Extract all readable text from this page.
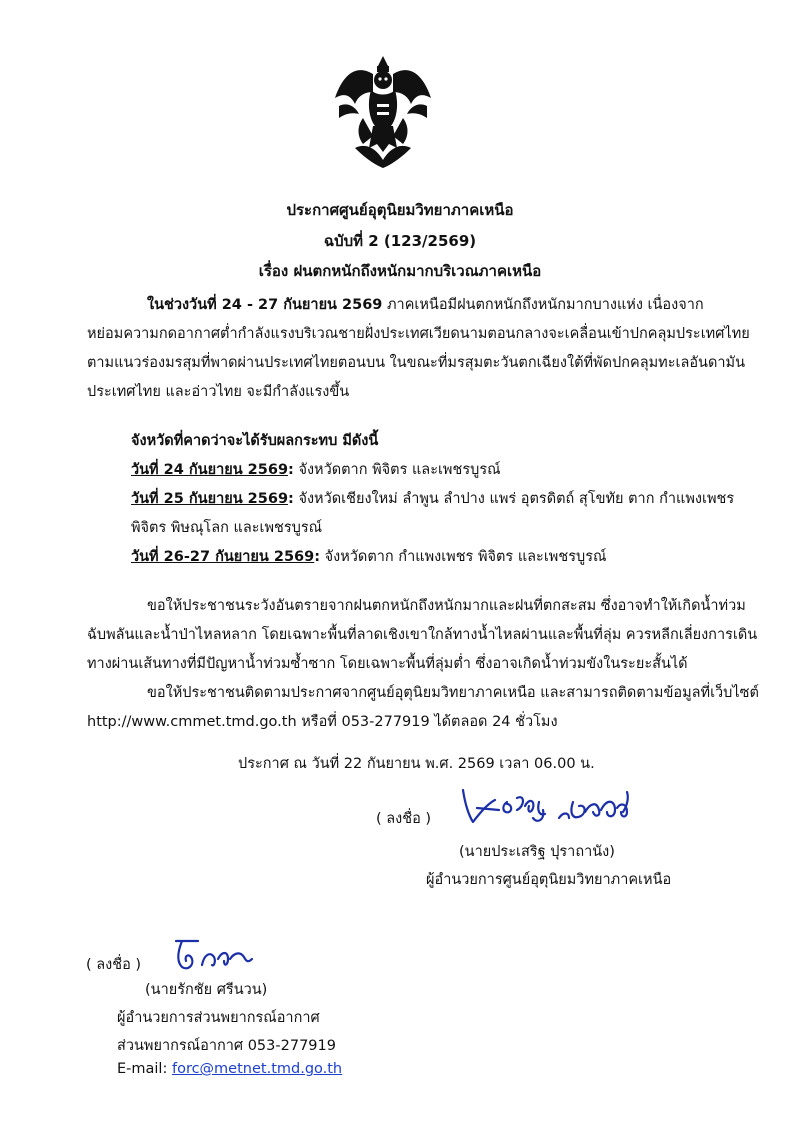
ประกาศศูนย์อุตุนิยมวิทยาภาคเหนือ
ฉบับที่ 2 (123/2569)
เรื่อง ฝนตกหนักถึงหนักมากบริเวณภาคเหนือ
ในช่วงวันที่ 24 - 27 กันยายน 2569 ภาคเหนือมีฝนตกหนักถึงหนักมากบางแห่ง เนื่องจาก
หย่อมความกดอากาศต่ำกำลังแรงบริเวณชายฝั่งประเทศเวียดนามตอนกลางจะเคลื่อนเข้าปกคลุมประเทศไทย
ตามแนวร่องมรสุมที่พาดผ่านประเทศไทยตอนบน ในขณะที่มรสุมตะวันตกเฉียงใต้ที่พัดปกคลุมทะเลอันดามัน
ประเทศไทย และอ่าวไทย จะมีกำลังแรงขึ้น
จังหวัดที่คาดว่าจะได้รับผลกระทบ มีดังนี้
วันที่ 24 กันยายน 2569: จังหวัดตาก พิจิตร และเพชรบูรณ์
วันที่ 25 กันยายน 2569: จังหวัดเชียงใหม่ ลำพูน ลำปาง แพร่ อุตรดิตถ์ สุโขทัย ตาก กำแพงเพชร
พิจิตร พิษณุโลก และเพชรบูรณ์
วันที่ 26-27 กันยายน 2569: จังหวัดตาก กำแพงเพชร พิจิตร และเพชรบูรณ์
ขอให้ประชาชนระวังอันตรายจากฝนตกหนักถึงหนักมากและฝนที่ตกสะสม ซึ่งอาจทำให้เกิดน้ำท่วม
ฉับพลันและน้ำป่าไหลหลาก โดยเฉพาะพื้นที่ลาดเชิงเขาใกล้ทางน้ำไหลผ่านและพื้นที่ลุ่ม ควรหลีกเลี่ยงการเดิน
ทางผ่านเส้นทางที่มีปัญหาน้ำท่วมซ้ำซาก โดยเฉพาะพื้นที่ลุ่มต่ำ ซึ่งอาจเกิดน้ำท่วมขังในระยะสั้นได้
ขอให้ประชาชนติดตามประกาศจากศูนย์อุตุนิยมวิทยาภาคเหนือ และสามารถติดตามข้อมูลที่เว็บไซต์
http://www.cmmet.tmd.go.th หรือที่ 053-277919 ได้ตลอด 24 ชั่วโมง
ประกาศ ณ วันที่ 22 กันยายน พ.ศ. 2569 เวลา 06.00 น.
( ลงชื่อ )
(นายประเสริฐ ปุราถานัง)
ผู้อำนวยการศูนย์อุตุนิยมวิทยาภาคเหนือ
( ลงชื่อ )
(นายรักชัย ศรีนวน)
ผู้อำนวยการส่วนพยากรณ์อากาศ
ส่วนพยากรณ์อากาศ 053-277919
E-mail: forc@metnet.tmd.go.th
